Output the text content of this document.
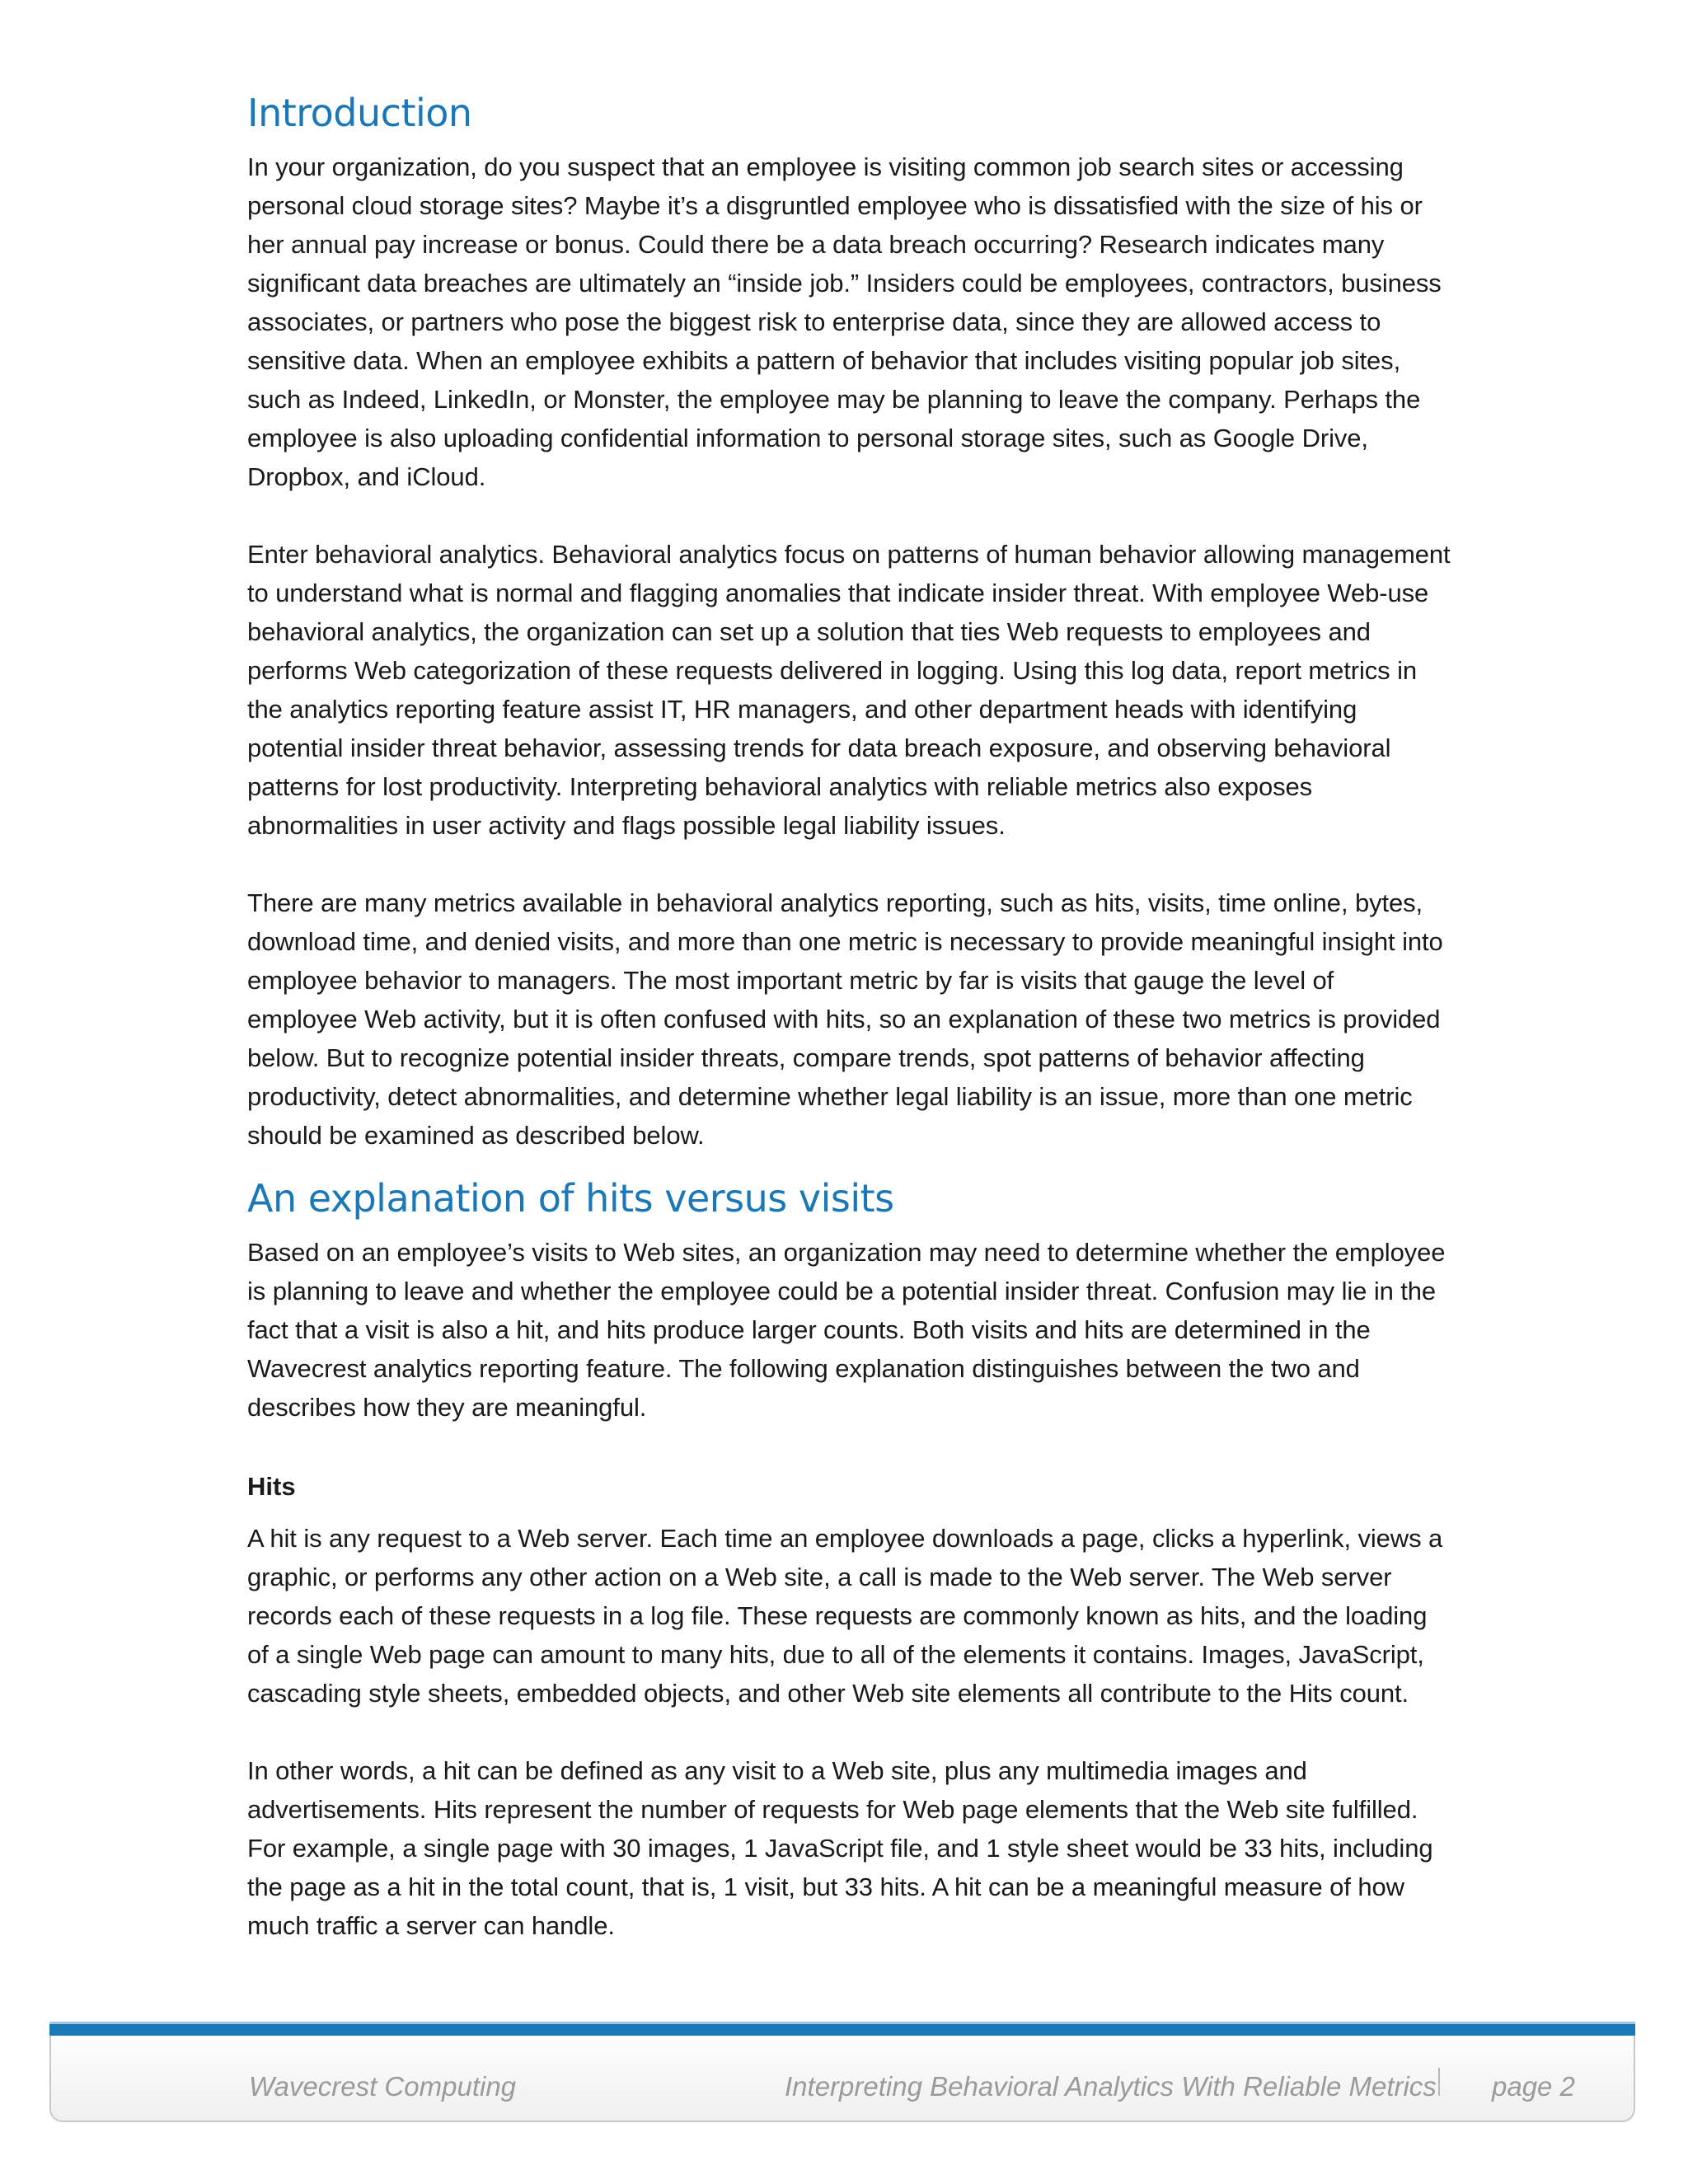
Introduction

In your organization, do you suspect that an employee is visiting common job search sites or accessing personal cloud storage sites? Maybe it’s a disgruntled employee who is dissatisfied with the size of his or her annual pay increase or bonus. Could there be a data breach occurring? Research indicates many significant data breaches are ultimately an “inside job.” Insiders could be employees, contractors, business associates, or partners who pose the biggest risk to enterprise data, since they are allowed access to sensitive data. When an employee exhibits a pattern of behavior that includes visiting popular job sites, such as Indeed, LinkedIn, or Monster, the employee may be planning to leave the company. Perhaps the employee is also uploading confidential information to personal storage sites, such as Google Drive, Dropbox, and iCloud.

Enter behavioral analytics. Behavioral analytics focus on patterns of human behavior allowing management to understand what is normal and flagging anomalies that indicate insider threat. With employee Web-use behavioral analytics, the organization can set up a solution that ties Web requests to employees and performs Web categorization of these requests delivered in logging. Using this log data, report metrics in the analytics reporting feature assist IT, HR managers, and other department heads with identifying potential insider threat behavior, assessing trends for data breach exposure, and observing behavioral patterns for lost productivity. Interpreting behavioral analytics with reliable metrics also exposes abnormalities in user activity and flags possible legal liability issues.

There are many metrics available in behavioral analytics reporting, such as hits, visits, time online, bytes, download time, and denied visits, and more than one metric is necessary to provide meaningful insight into employee behavior to managers. The most important metric by far is visits that gauge the level of employee Web activity, but it is often confused with hits, so an explanation of these two metrics is provided below. But to recognize potential insider threats, compare trends, spot patterns of behavior affecting productivity, detect abnormalities, and determine whether legal liability is an issue, more than one metric should be examined as described below.

An explanation of hits versus visits

Based on an employee’s visits to Web sites, an organization may need to determine whether the employee is planning to leave and whether the employee could be a potential insider threat. Confusion may lie in the fact that a visit is also a hit, and hits produce larger counts. Both visits and hits are determined in the Wavecrest analytics reporting feature. The following explanation distinguishes between the two and describes how they are meaningful.

Hits

A hit is any request to a Web server. Each time an employee downloads a page, clicks a hyperlink, views a graphic, or performs any other action on a Web site, a call is made to the Web server. The Web server records each of these requests in a log file. These requests are commonly known as hits, and the loading of a single Web page can amount to many hits, due to all of the elements it contains. Images, JavaScript, cascading style sheets, embedded objects, and other Web site elements all contribute to the Hits count.

In other words, a hit can be defined as any visit to a Web site, plus any multimedia images and advertisements. Hits represent the number of requests for Web page elements that the Web site fulfilled. For example, a single page with 30 images, 1 JavaScript file, and 1 style sheet would be 33 hits, including the page as a hit in the total count, that is, 1 visit, but 33 hits. A hit can be a meaningful measure of how much traffic a server can handle.

Wavecrest Computing	Interpreting Behavioral Analytics With Reliable Metrics page 2
